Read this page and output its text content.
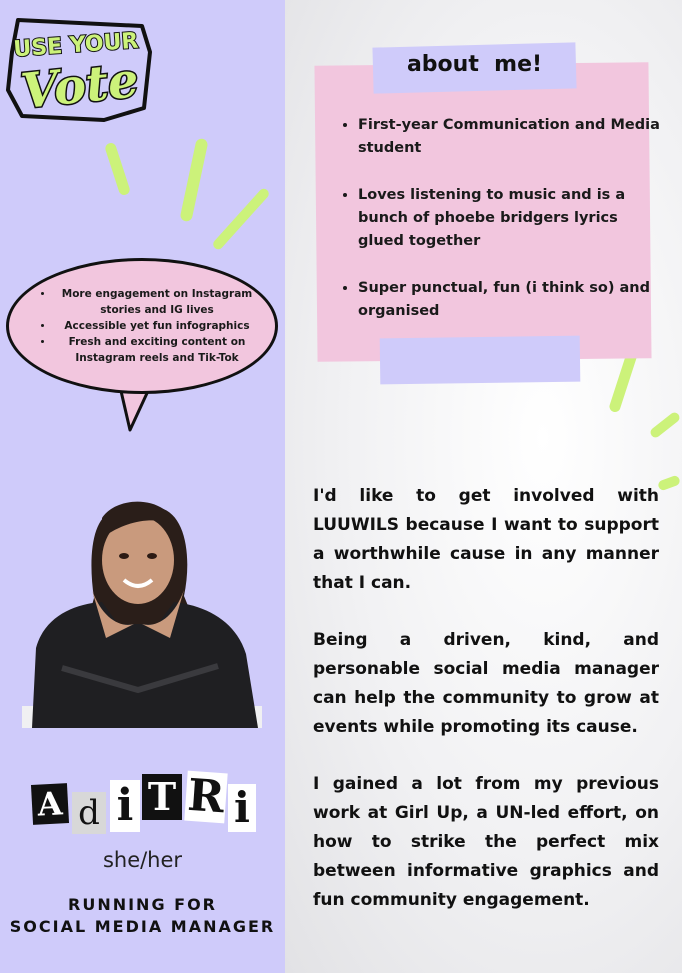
USE YOUR
Vote
• More engagement on Instagram stories and IG lives
• Accessible yet fun infographics
• Fresh and exciting content on Instagram reels and Tik-Tok
A d i T R i
she/her
RUNNING FOR
SOCIAL MEDIA MANAGER
about  me!
• First-year Communication and Media student
• Loves listening to music and is a bunch of phoebe bridgers lyrics glued together
• Super punctual, fun (i think so) and organised

I'd like to get involved with LUUWILS because I want to support a worthwhile cause in any manner that I can.

Being a driven, kind, and personable social media manager can help the community to grow at events while promoting its cause.

I gained a lot from my previous work at Girl Up, a UN-led effort, on how to strike the perfect mix between informative graphics and fun community engagement.
